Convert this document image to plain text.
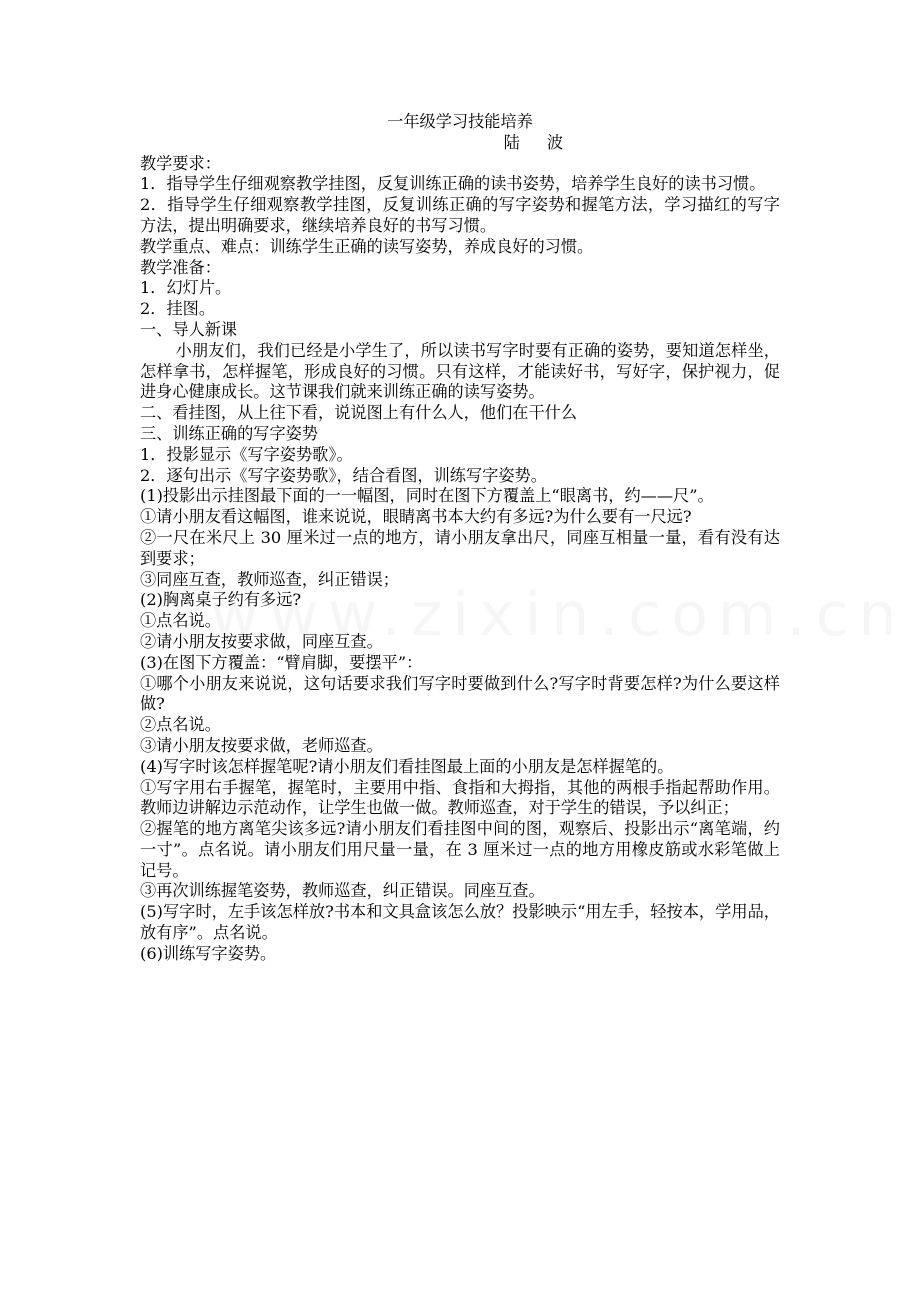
一年级学习技能培养

陆 波

教学要求：

1．指导学生仔细观察教学挂图，反复训练正确的读书姿势，培养学生良好的读书习惯。

2．指导学生仔细观察教学挂图，反复训练正确的写字姿势和握笔方法，学习描红的写字方法，提出明确要求，继续培养良好的书写习惯。

教学重点、难点：训练学生正确的读写姿势，养成良好的习惯。

教学准备：

1．幻灯片。

2．挂图。

一、导人新课

小朋友们，我们已经是小学生了，所以读书写字时要有正确的姿势，要知道怎样坐，怎样拿书，怎样握笔，形成良好的习惯。只有这样，才能读好书，写好字，保护视力，促进身心健康成长。这节课我们就来训练正确的读写姿势。

二、看挂图，从上往下看，说说图上有什么人，他们在干什么

三、训练正确的写字姿势

1．投影显示《写字姿势歌》。

2．逐句出示《写字姿势歌》，结合看图，训练写字姿势。

(1)投影出示挂图最下面的一一幅图，同时在图下方覆盖上“眼离书，约——尺”。

①请小朋友看这幅图，谁来说说，眼睛离书本大约有多远?为什么要有一尺远?

②一尺在米尺上 30 厘米过一点的地方，请小朋友拿出尺，同座互相量一量，看有没有达到要求；

③同座互查，教师巡查，纠正错误；

(2)胸离桌子约有多远?

①点名说。

②请小朋友按要求做，同座互查。

(3)在图下方覆盖：“臂肩脚，要摆平”：

①哪个小朋友来说说，这句话要求我们写字时要做到什么?写字时背要怎样?为什么要这样做?

②点名说。

③请小朋友按要求做，老师巡查。

(4)写字时该怎样握笔呢?请小朋友们看挂图最上面的小朋友是怎样握笔的。

①写字用右手握笔，握笔时，主要用中指、食指和大拇指，其他的两根手指起帮助作用。教师边讲解边示范动作，让学生也做一做。教师巡查，对于学生的错误，予以纠正；

②握笔的地方离笔尖该多远?请小朋友们看挂图中间的图，观察后、投影出示“离笔端，约一寸”。点名说。请小朋友们用尺量一量，在 3 厘米过一点的地方用橡皮筋或水彩笔做上记号。

③再次训练握笔姿势，教师巡查，纠正错误。同座互查。

(5)写字时，左手该怎样放?书本和文具盒该怎么放？投影映示“用左手，轻按本，学用品，放有序”。点名说。

(6)训练写字姿势。
